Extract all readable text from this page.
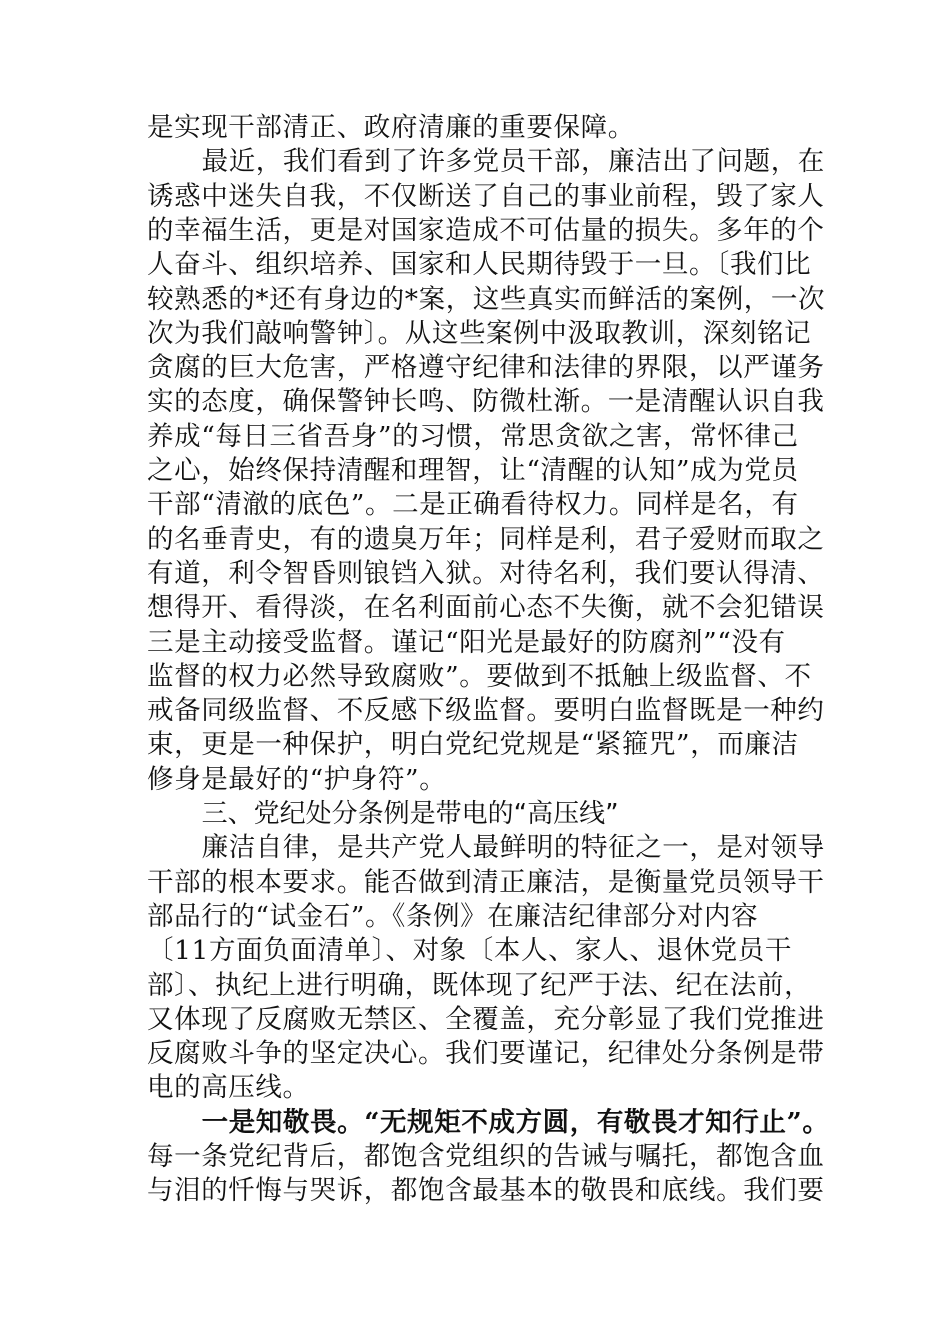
是实现干部清正、政府清廉的重要保障。
最近，我们看到了许多党员干部，廉洁出了问题，在
诱惑中迷失自我，不仅断送了自己的事业前程，毁了家人
的幸福生活，更是对国家造成不可估量的损失。多年的个
人奋斗、组织培养、国家和人民期待毁于一旦。〔我们比
较熟悉的*还有身边的*案，这些真实而鲜活的案例，一次
次为我们敲响警钟〕。从这些案例中汲取教训，深刻铭记
贪腐的巨大危害，严格遵守纪律和法律的界限，以严谨务
实的态度，确保警钟长鸣、防微杜渐。一是清醒认识自我
养成“每日三省吾身”的习惯，常思贪欲之害，常怀律己
之心，始终保持清醒和理智，让“清醒的认知”成为党员
干部“清澈的底色”。二是正确看待权力。同样是名，有
的名垂青史，有的遗臭万年；同样是利，君子爱财而取之
有道，利令智昏则锒铛入狱。对待名利，我们要认得清、
想得开、看得淡，在名利面前心态不失衡，就不会犯错误
三是主动接受监督。谨记“阳光是最好的防腐剂”“没有
监督的权力必然导致腐败”。要做到不抵触上级监督、不
戒备同级监督、不反感下级监督。要明白监督既是一种约
束，更是一种保护，明白党纪党规是“紧箍咒”，而廉洁
修身是最好的“护身符”。
三、党纪处分条例是带电的“高压线”
廉洁自律，是共产党人最鲜明的特征之一，是对领导
干部的根本要求。能否做到清正廉洁，是衡量党员领导干
部品行的“试金石”。《条例》在廉洁纪律部分对内容
〔11方面负面清单〕、对象〔本人、家人、退休党员干
部〕、执纪上进行明确，既体现了纪严于法、纪在法前，
又体现了反腐败无禁区、全覆盖，充分彰显了我们党推进
反腐败斗争的坚定决心。我们要谨记，纪律处分条例是带
电的高压线。
一是知敬畏。“无规矩不成方圆，有敬畏才知行止”。
每一条党纪背后，都饱含党组织的告诫与嘱托，都饱含血
与泪的忏悔与哭诉，都饱含最基本的敬畏和底线。我们要
